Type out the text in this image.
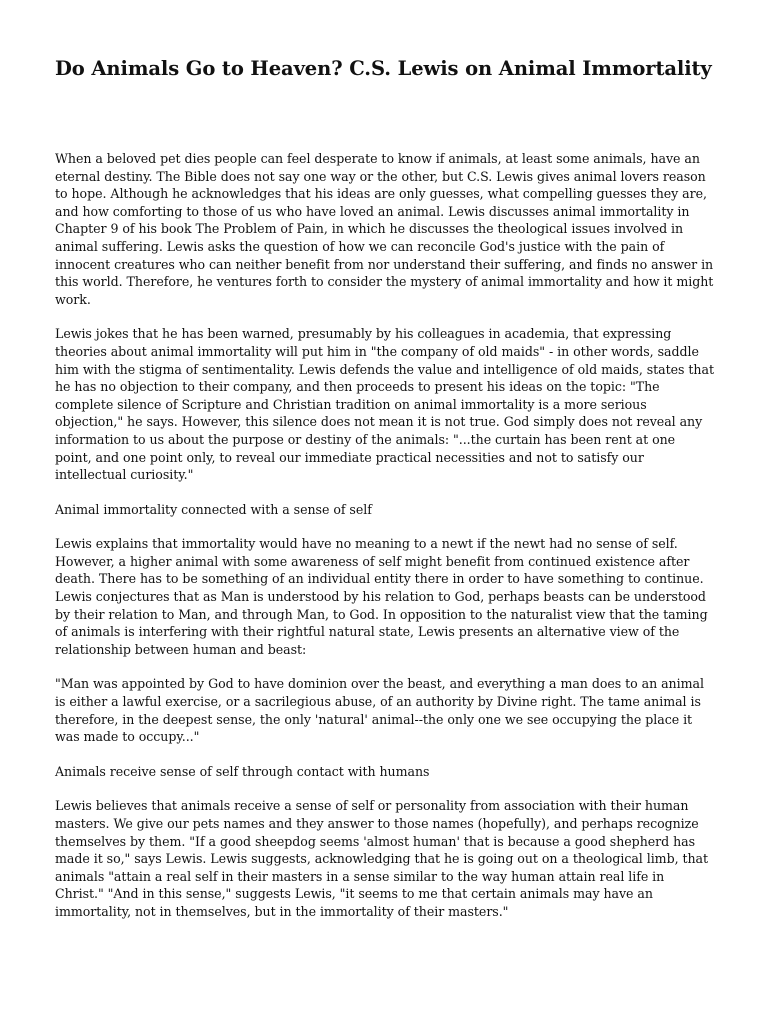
Do Animals Go to Heaven? C.S. Lewis on Animal Immortality

When a beloved pet dies people can feel desperate to know if animals, at least some animals, have an eternal destiny. The Bible does not say one way or the other, but C.S. Lewis gives animal lovers reason to hope. Although he acknowledges that his ideas are only guesses, what compelling guesses they are, and how comforting to those of us who have loved an animal. Lewis discusses animal immortality in Chapter 9 of his book The Problem of Pain, in which he discusses the theological issues involved in animal suffering. Lewis asks the question of how we can reconcile God's justice with the pain of innocent creatures who can neither benefit from nor understand their suffering, and finds no answer in this world. Therefore, he ventures forth to consider the mystery of animal immortality and how it might work.

Lewis jokes that he has been warned, presumably by his colleagues in academia, that expressing theories about animal immortality will put him in "the company of old maids" - in other words, saddle him with the stigma of sentimentality. Lewis defends the value and intelligence of old maids, states that he has no objection to their company, and then proceeds to present his ideas on the topic: "The complete silence of Scripture and Christian tradition on animal immortality is a more serious objection," he says. However, this silence does not mean it is not true. God simply does not reveal any information to us about the purpose or destiny of the animals: "...the curtain has been rent at one point, and one point only, to reveal our immediate practical necessities and not to satisfy our intellectual curiosity."

Animal immortality connected with a sense of self

Lewis explains that immortality would have no meaning to a newt if the newt had no sense of self. However, a higher animal with some awareness of self might benefit from continued existence after death. There has to be something of an individual entity there in order to have something to continue. Lewis conjectures that as Man is understood by his relation to God, perhaps beasts can be understood by their relation to Man, and through Man, to God. In opposition to the naturalist view that the taming of animals is interfering with their rightful natural state, Lewis presents an alternative view of the relationship between human and beast:

"Man was appointed by God to have dominion over the beast, and everything a man does to an animal is either a lawful exercise, or a sacrilegious abuse, of an authority by Divine right. The tame animal is therefore, in the deepest sense, the only 'natural' animal--the only one we see occupying the place it was made to occupy..."

Animals receive sense of self through contact with humans

Lewis believes that animals receive a sense of self or personality from association with their human masters. We give our pets names and they answer to those names (hopefully), and perhaps recognize themselves by them. "If a good sheepdog seems 'almost human' that is because a good shepherd has made it so," says Lewis. Lewis suggests, acknowledging that he is going out on a theological limb, that animals "attain a real self in their masters in a sense similar to the way human attain real life in Christ." "And in this sense," suggests Lewis, "it seems to me that certain animals may have an immortality, not in themselves, but in the immortality of their masters."
